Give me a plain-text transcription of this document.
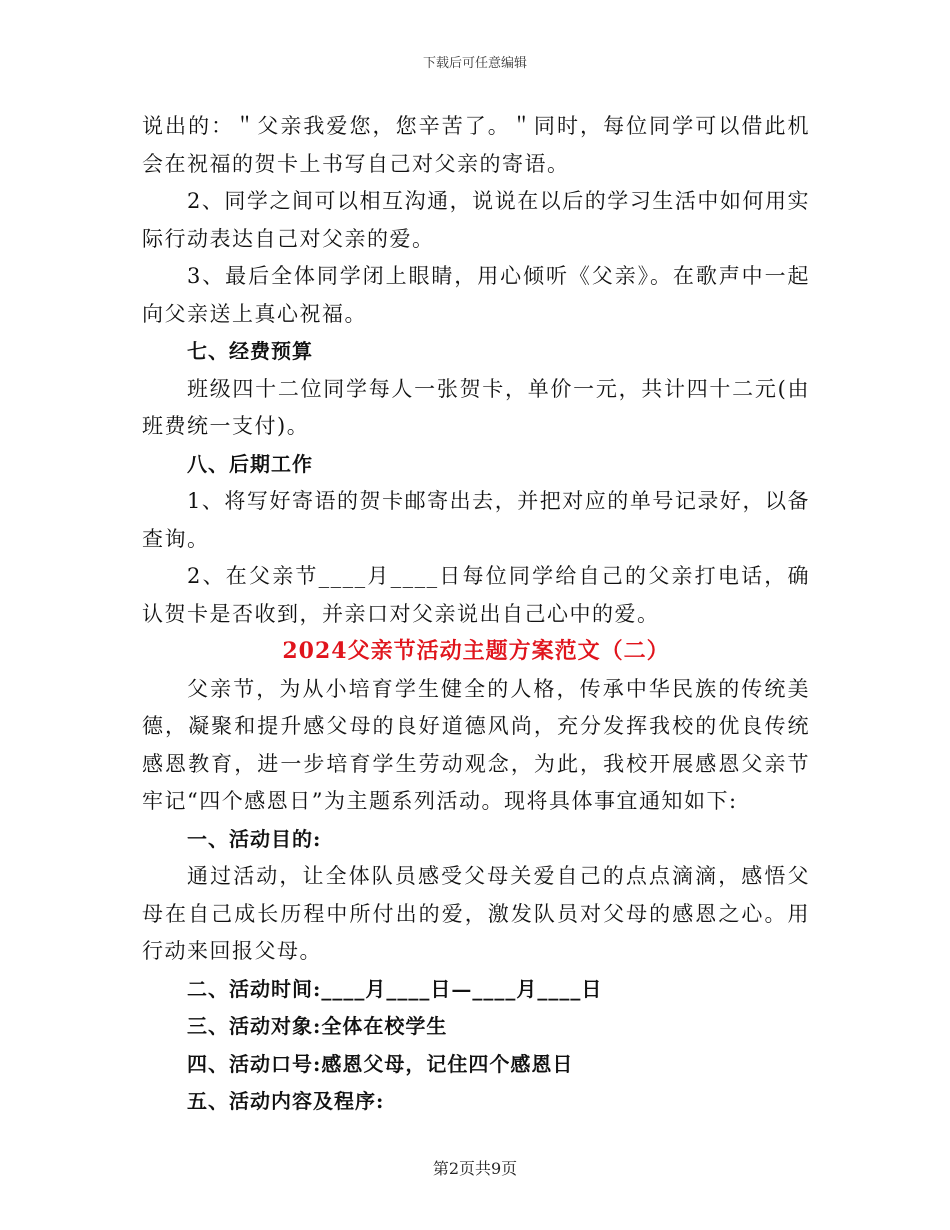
下载后可任意编辑

说出的：＂父亲我爱您，您辛苦了。＂同时，每位同学可以借此机会在祝福的贺卡上书写自己对父亲的寄语。

2、同学之间可以相互沟通，说说在以后的学习生活中如何用实际行动表达自己对父亲的爱。

3、最后全体同学闭上眼睛，用心倾听《父亲》。在歌声中一起向父亲送上真心祝福。

七、经费预算

班级四十二位同学每人一张贺卡，单价一元，共计四十二元(由班费统一支付)。

八、后期工作

1、将写好寄语的贺卡邮寄出去，并把对应的单号记录好，以备查询。

2、在父亲节____月____日每位同学给自己的父亲打电话，确认贺卡是否收到，并亲口对父亲说出自己心中的爱。

2024父亲节活动主题方案范文（二）

父亲节，为从小培育学生健全的人格，传承中华民族的传统美德，凝聚和提升感父母的良好道德风尚，充分发挥我校的优良传统感恩教育，进一步培育学生劳动观念，为此，我校开展感恩父亲节牢记“四个感恩日”为主题系列活动。现将具体事宜通知如下:

一、活动目的:

通过活动，让全体队员感受父母关爱自己的点点滴滴，感悟父母在自己成长历程中所付出的爱，激发队员对父母的感恩之心。用行动来回报父母。

二、活动时间:____月____日—____月____日

三、活动对象:全体在校学生

四、活动口号:感恩父母，记住四个感恩日

五、活动内容及程序:

第2页共9页
